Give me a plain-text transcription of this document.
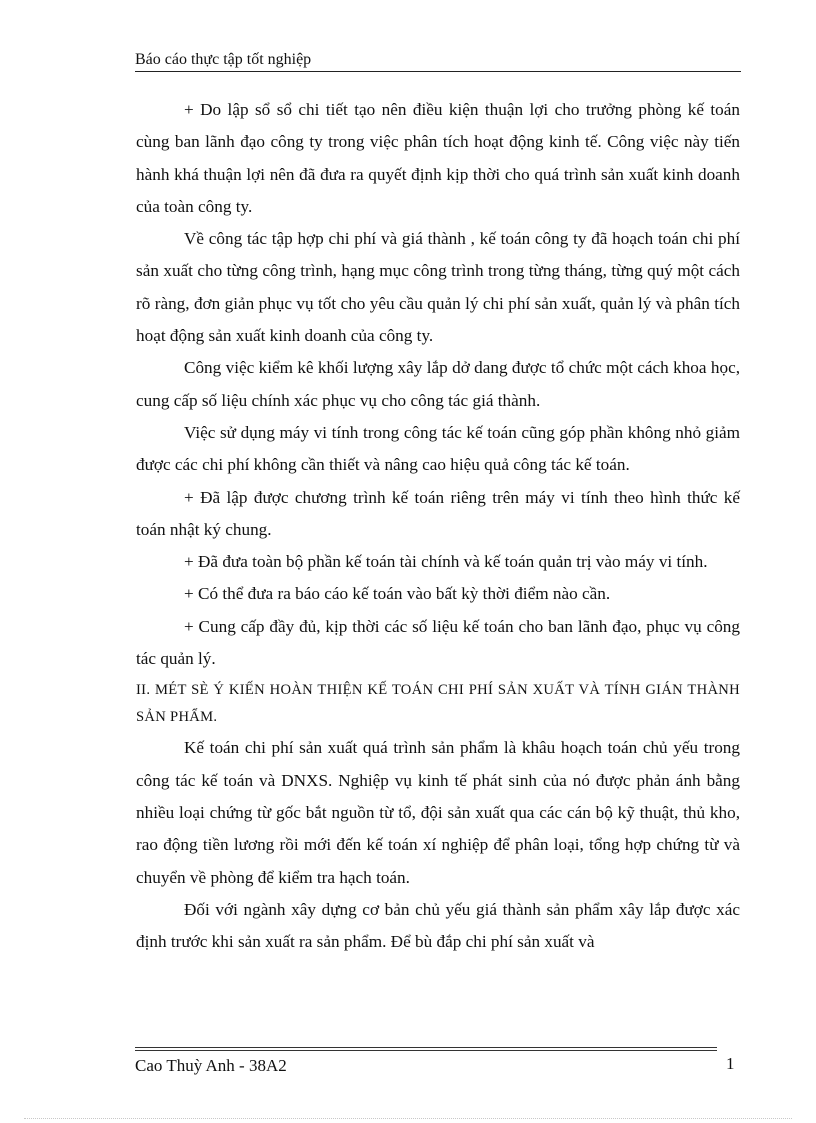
Báo cáo thực tập tốt nghiệp

+ Do lập sổ sổ chi tiết tạo nên điều kiện thuận lợi cho trưởng phòng kế toán cùng ban lãnh đạo công ty trong việc phân tích hoạt động kinh tế. Công việc này tiến hành khá thuận lợi nên đã đưa ra quyết định kịp thời cho quá trình sản xuất kinh doanh của toàn công ty.

Về công tác tập hợp chi phí và giá thành , kế toán công ty đã hoạch toán chi phí sản xuất cho từng công trình, hạng mục công trình trong từng tháng, từng quý một cách rõ ràng, đơn giản phục vụ tốt cho yêu cầu quản lý chi phí sản xuất, quản lý và phân tích hoạt động sản xuất kinh doanh của công ty.

Công việc kiểm kê khối lượng xây lắp dở dang được tổ chức một cách khoa học, cung cấp số liệu chính xác phục vụ cho công tác giá thành.

Việc sử dụng máy vi tính trong công tác kế toán cũng góp phần không nhỏ giảm được các chi phí không cần thiết và nâng cao hiệu quả công tác kế toán.

+ Đã lập được chương trình kế toán riêng trên máy vi tính theo hình thức kế toán nhật ký chung.

+ Đã đưa toàn bộ phần kế toán tài chính và kế toán quản trị vào máy vi tính.

+ Có thể đưa ra báo cáo kế toán vào bất kỳ thời điểm nào cần.

+ Cung cấp đầy đủ, kịp thời các số liệu kế toán cho ban lãnh đạo, phục vụ công tác quản lý.

II. MÉT SÈ Ý KIẾN HOÀN THIỆN KẾ TOÁN CHI PHÍ SẢN XUẤT VÀ TÍNH GIÁN THÀNH SẢN PHẨM.

Kế toán chi phí sản xuất quá trình sản phẩm là khâu hoạch toán chủ yếu trong công tác kế toán và DNXS. Nghiệp vụ kinh tế phát sinh của nó được phản ánh bằng nhiều loại chứng từ gốc bắt nguồn từ tổ, đội sản xuất qua các cán bộ kỹ thuật, thủ kho, rao động tiền lương rồi mới đến kế toán xí nghiệp để phân loại, tổng hợp chứng từ và chuyển về phòng để kiểm tra hạch toán.

Đối với ngành xây dựng cơ bản chủ yếu giá thành sản phẩm xây lắp được xác định trước khi sản xuất ra sản phẩm. Để bù đắp chi phí sản xuất và

Cao Thuỳ Anh - 38A2	1
